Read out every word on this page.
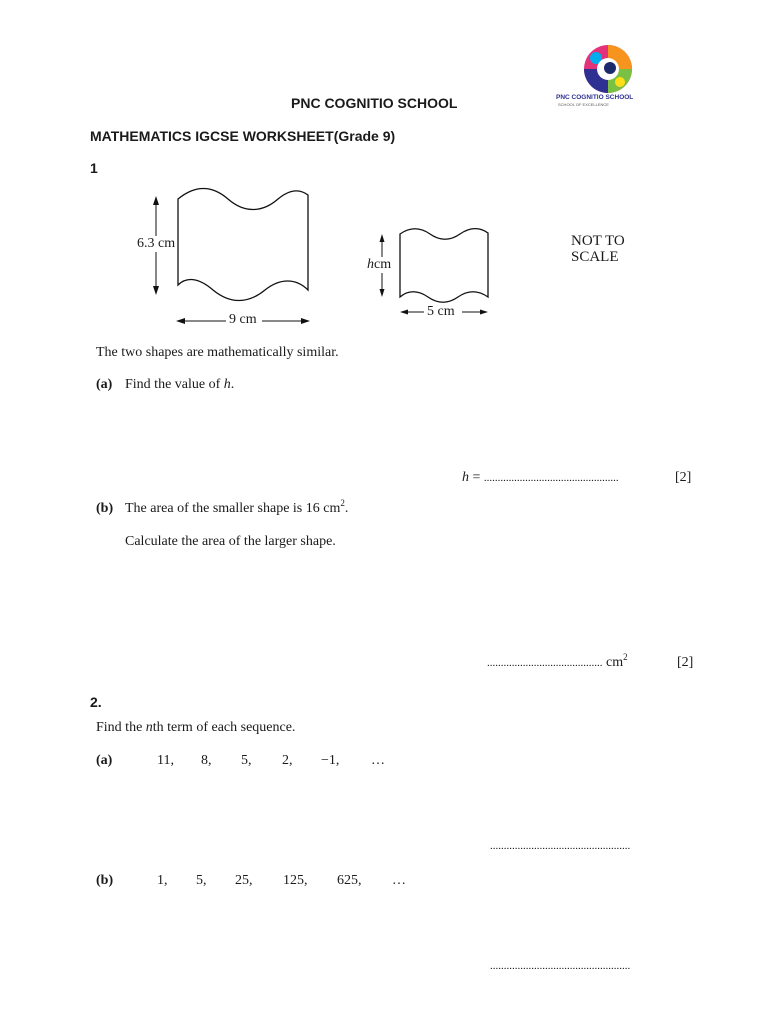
PNC COGNITIO SCHOOL
SCHOOL OF EXCELLENCE
PNC COGNITIO SCHOOL
MATHEMATICS IGCSE WORKSHEET(Grade 9)
1
6.3 cm
9 cm
hcm
5 cm
NOT TO
SCALE
The two shapes are mathematically similar.
(a) Find the value of h.
h = .................................................	[2]
(b) The area of the smaller shape is 16 $cm^2$.
Calculate the area of the larger shape.
.......................................... $cm^2$	[2]
2.
Find the nth term of each sequence.
(a)	11, 8, 5, 2, −1, …
...................................................
(b)	1, 5, 25, 125, 625, …
...................................................
